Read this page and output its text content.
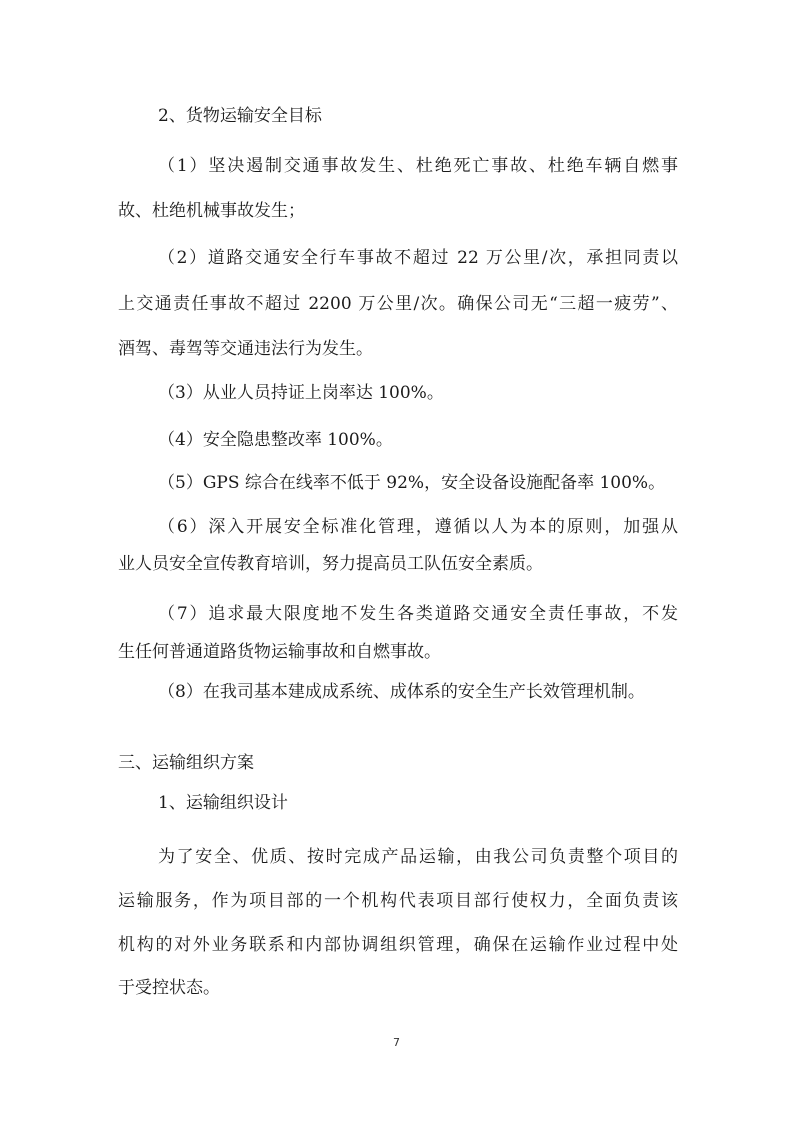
2、货物运输安全目标
（1）坚决遏制交通事故发生、杜绝死亡事故、杜绝车辆自燃事
故、杜绝机械事故发生；
（2）道路交通安全行车事故不超过 22 万公里/次，承担同责以
上交通责任事故不超过 2200 万公里/次。确保公司无“三超一疲劳”、
酒驾、毒驾等交通违法行为发生。
（3）从业人员持证上岗率达 100%。
（4）安全隐患整改率 100%。
（5）GPS 综合在线率不低于 92%，安全设备设施配备率 100%。
（6）深入开展安全标准化管理，遵循以人为本的原则，加强从
业人员安全宣传教育培训，努力提高员工队伍安全素质。
（7）追求最大限度地不发生各类道路交通安全责任事故，不发
生任何普通道路货物运输事故和自燃事故。
（8）在我司基本建成成系统、成体系的安全生产长效管理机制。
三、运输组织方案
1、运输组织设计
为了安全、优质、按时完成产品运输，由我公司负责整个项目的
运输服务，作为项目部的一个机构代表项目部行使权力，全面负责该
机构的对外业务联系和内部协调组织管理，确保在运输作业过程中处
于受控状态。
7
